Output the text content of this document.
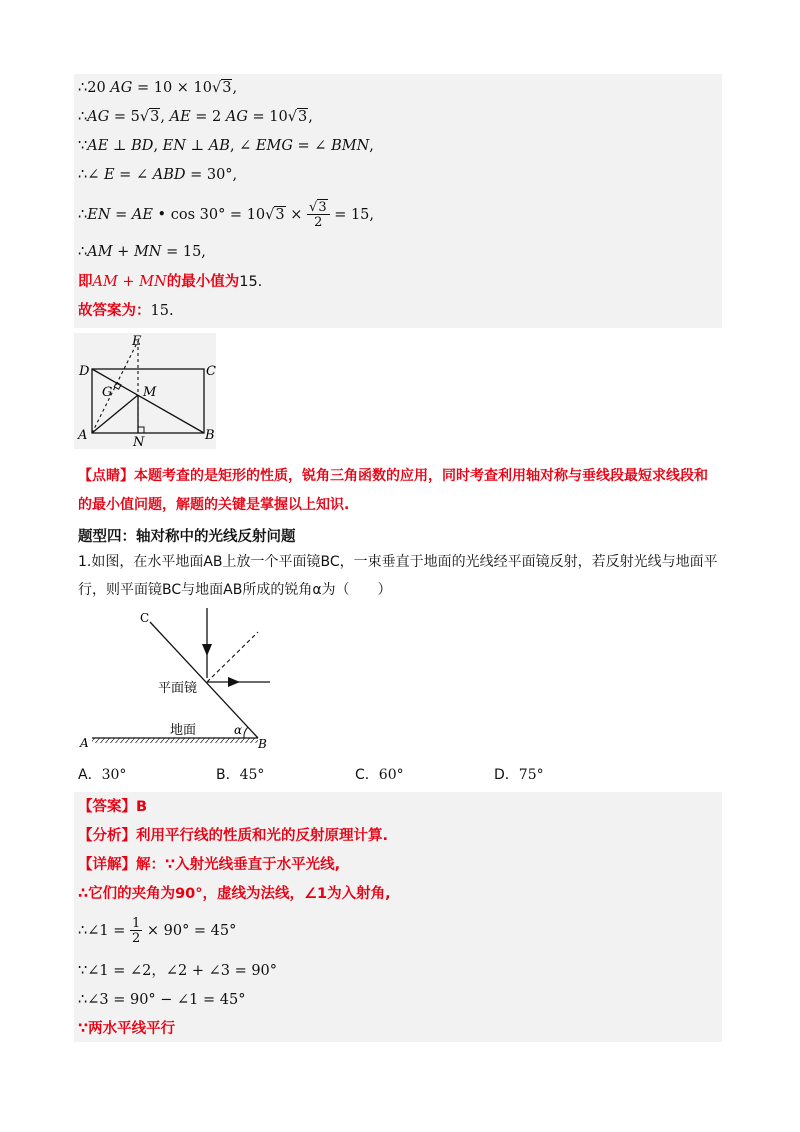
∴20 AG = 10 × 10√3,
∴AG = 5√3, AE = 2 AG = 10√3,
∵AE ⊥ BD, EN ⊥ AB, ∠ EMG = ∠ BMN,
∴∠ E = ∠ ABD = 30°,
∴EN = AE • $\cos 30^\circ = 10√3 \times \frac{√3}{2} = 15$,
∴AM + MN = 15,
即AM + MN的最小值为15.
故答案为：15.
D	C
E
G M
A	N	B
【点睛】本题考查的是矩形的性质，锐角三角函数的应用，同时考查利用轴对称与垂线段最短求线段和
的最小值问题，解题的关键是掌握以上知识.
题型四：轴对称中的光线反射问题
1.如图，在水平地面AB上放一个平面镜BC，一束垂直于地面的光线经平面镜反射，若反射光线与地面平
行，则平面镜BC与地面AB所成的锐角α为（　　）
C
平面镜
地面	α
A	B
A．30°	B．45°	C．60°	D．75°
【答案】B
【分析】利用平行线的性质和光的反射原理计算.
【详解】解：∵入射光线垂直于水平光线,
∴它们的夹角为90°，虚线为法线，∠1为入射角,
∴∠1 = $\frac{1}{2} \times 90^\circ = 45^\circ$
∵∠1 = ∠2，∠2 + ∠3 = 90°
∴∠3 = 90° − ∠1 = 45°
∵两水平线平行
